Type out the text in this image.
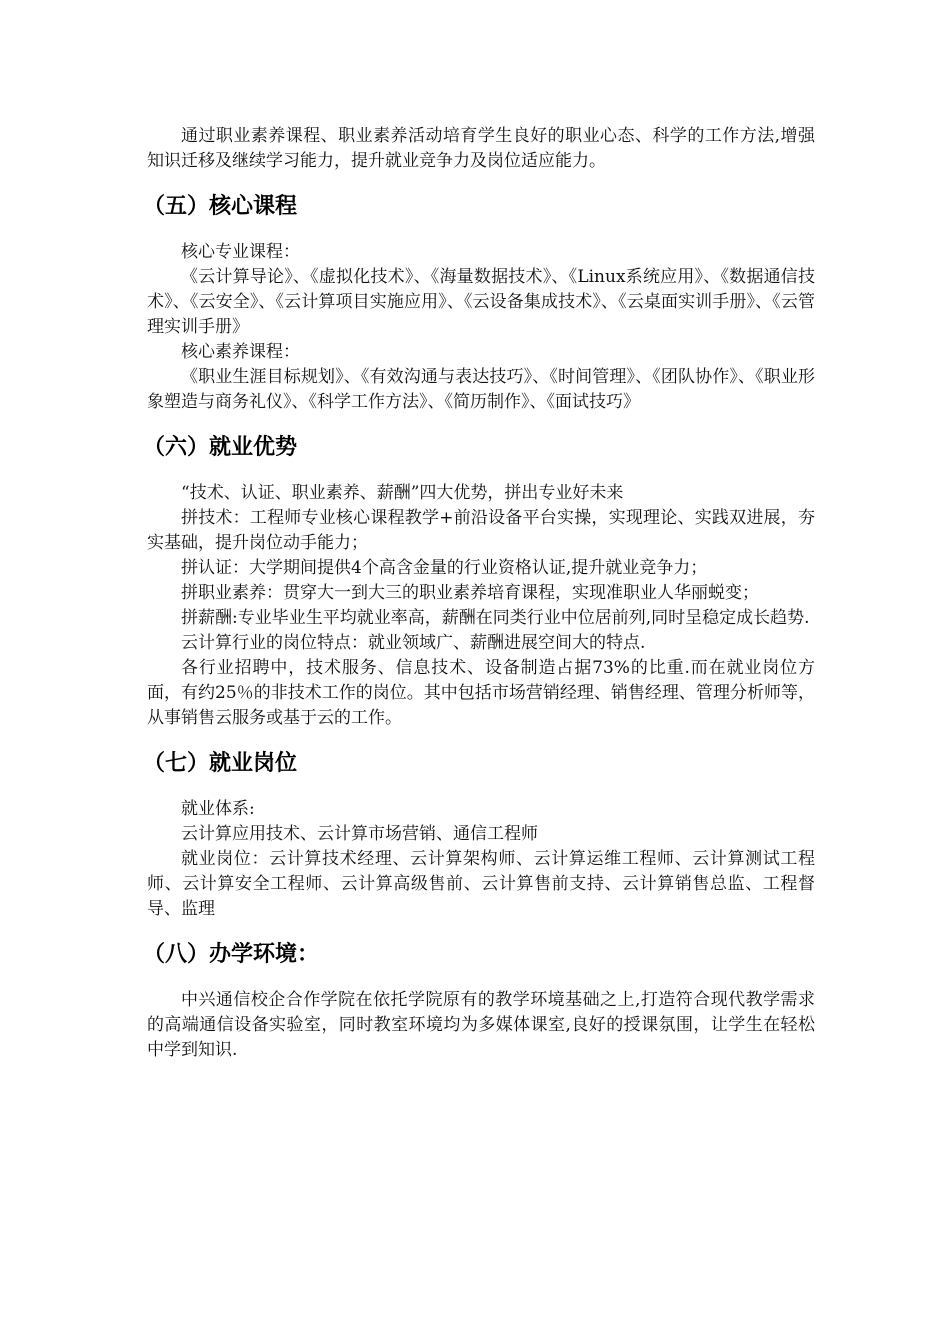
通过职业素养课程、职业素养活动培育学生良好的职业心态、科学的工作方法,增强知识迁移及继续学习能力，提升就业竞争力及岗位适应能力。

（五）核心课程

核心专业课程：

《云计算导论》、《虚拟化技术》、《海量数据技术》、《Linux系统应用》、《数据通信技术》、《云安全》、《云计算项目实施应用》、《云设备集成技术》、《云桌面实训手册》、《云管理实训手册》

核心素养课程：

《职业生涯目标规划》、《有效沟通与表达技巧》、《时间管理》、《团队协作》、《职业形象塑造与商务礼仪》、《科学工作方法》、《简历制作》、《面试技巧》

（六）就业优势

“技术、认证、职业素养、薪酬”四大优势，拼出专业好未来

拼技术：工程师专业核心课程教学+前沿设备平台实操，实现理论、实践双进展，夯实基础，提升岗位动手能力；

拼认证：大学期间提供4个高含金量的行业资格认证,提升就业竞争力；

拼职业素养：贯穿大一到大三的职业素养培育课程，实现准职业人华丽蜕变；

拼薪酬:专业毕业生平均就业率高，薪酬在同类行业中位居前列,同时呈稳定成长趋势.

云计算行业的岗位特点：就业领域广、薪酬进展空间大的特点.

各行业招聘中，技术服务、信息技术、设备制造占据73%的比重.而在就业岗位方面，有约25％的非技术工作的岗位。其中包括市场营销经理、销售经理、管理分析师等，从事销售云服务或基于云的工作。

（七）就业岗位

就业体系:

云计算应用技术、云计算市场营销、通信工程师

就业岗位：云计算技术经理、云计算架构师、云计算运维工程师、云计算测试工程师、云计算安全工程师、云计算高级售前、云计算售前支持、云计算销售总监、工程督导、监理

（八）办学环境：

中兴通信校企合作学院在依托学院原有的教学环境基础之上,打造符合现代教学需求的高端通信设备实验室，同时教室环境均为多媒体课室,良好的授课氛围，让学生在轻松中学到知识.
